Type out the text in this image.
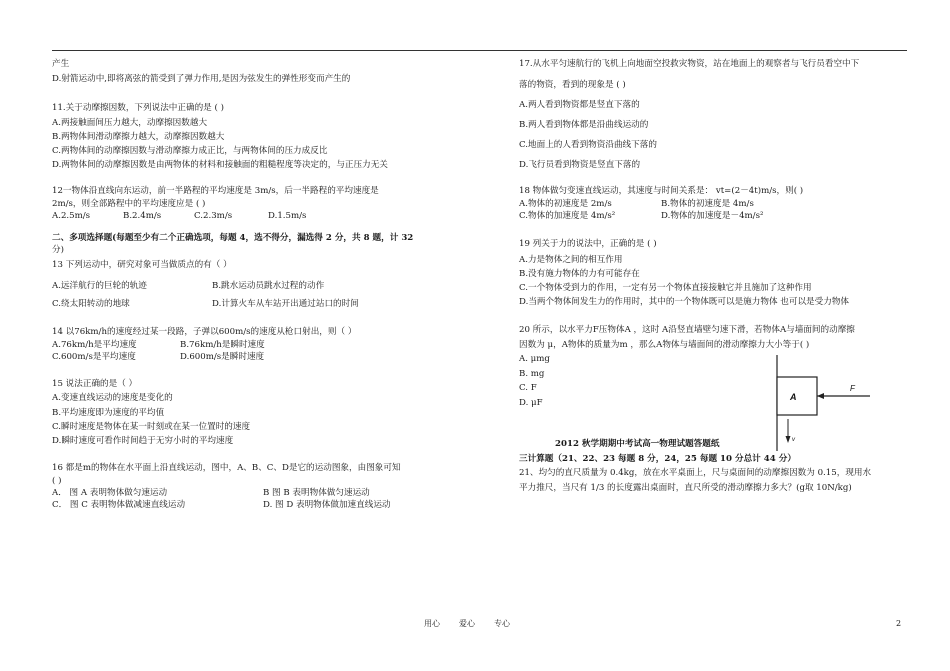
A
F
v
用心 爱心 专心	2
产生
D.射箭运动中,即将离弦的箭受到了弹力作用,是因为弦发生的弹性形变而产生的
11.关于动摩擦因数，下列说法中正确的是 ( )
A.两接触面间压力越大，动摩擦因数越大
B.两物体间滑动摩擦力越大，动摩擦因数越大
C.两物体间的动摩擦因数与滑动摩擦力成正比，与两物体间的压力成反比
D.两物体间的动摩擦因数是由两物体的材料和接触面的粗糙程度等决定的，与正压力无关
12一物体沿直线向东运动，前一半路程的平均速度是 3m/s，后一半路程的平均速度是
2m/s，则全部路程中的平均速度应是 ( )
A.2.5m/s	B.2.4m/s	C.2.3m/s	D.1.5m/s
二、多项选择题(每题至少有二个正确选项，每题 4，选不得分，漏选得 2 分，共 8 题，计 32
分)
13 下列运动中，研究对象可当做质点的有（ ）
A.远洋航行的巨轮的轨迹	B.跳水运动员跳水过程的动作
C.绕太阳转动的地球	D.计算火车从车站开出通过站口的时间
14 以76km/h的速度经过某一段路，子弹以600m/s的速度从枪口射出，则（ ）
A.76km/h是平均速度	B.76km/h是瞬时速度
C.600m/s是平均速度	D.600m/s是瞬时速度
15 说法正确的是（ ）
A.变速直线运动的速度是变化的
B.平均速度即为速度的平均值
C.瞬时速度是物体在某一时刻或在某一位置时的速度
D.瞬时速度可看作时间趋于无穷小时的平均速度
16 都是m的物体在水平面上沿直线运动，图中，A、B、C、D是它的运动图象，由图象可知
( )
A． 图 A 表明物体做匀速运动	B 图 B 表明物体做匀速运动
C． 图 C 表明物体做减速直线运动	D. 图 D 表明物体做加速直线运动
17.从水平匀速航行的飞机上向地面空投救灾物资，站在地面上的观察者与飞行员看空中下
落的物资，看到的现象是 ( )
A.两人看到物资都是竖直下落的
B.两人看到物体都是沿曲线运动的
C.地面上的人看到物资沿曲线下落的
D.飞行员看到物资是竖直下落的
18 物体做匀变速直线运动，其速度与时间关系是： vt=(2－4t)m/s，则( )
A.物体的初速度是 2m/s	B.物体的初速度是 4m/s
C.物体的加速度是 4m/s²	D.物体的加速度是－4m/s²
19 列关于力的说法中，正确的是 ( )
A.力是物体之间的相互作用
B.没有施力物体的力有可能存在
C.一个物体受到力的作用，一定有另一个物体直接接触它并且施加了这种作用
D.当两个物体间发生力的作用时，其中的一个物体既可以是施力物体 也可以是受力物体
20 所示，以水平力F压物体A ，这时 A沿竖直墙壁匀速下滑，若物体A与墙面间的动摩擦
因数为 μ，A物体的质量为m ，那么A物体与墙面间的滑动摩擦力大小等于( )
A. μmg
B. mg
C. F
D. μF
2012 秋学期期中考试高一物理试题答题纸
三计算题（21、22、23 每题 8 分，24，25 每题 10 分总计 44 分）
21、均匀的直尺质量为 0.4kg，放在水平桌面上，尺与桌面间的动摩擦因数为 0.15，现用水
平力推尺，当尺有 1/3 的长度露出桌面时，直尺所受的滑动摩擦力多大？(g取 10N/kg)
